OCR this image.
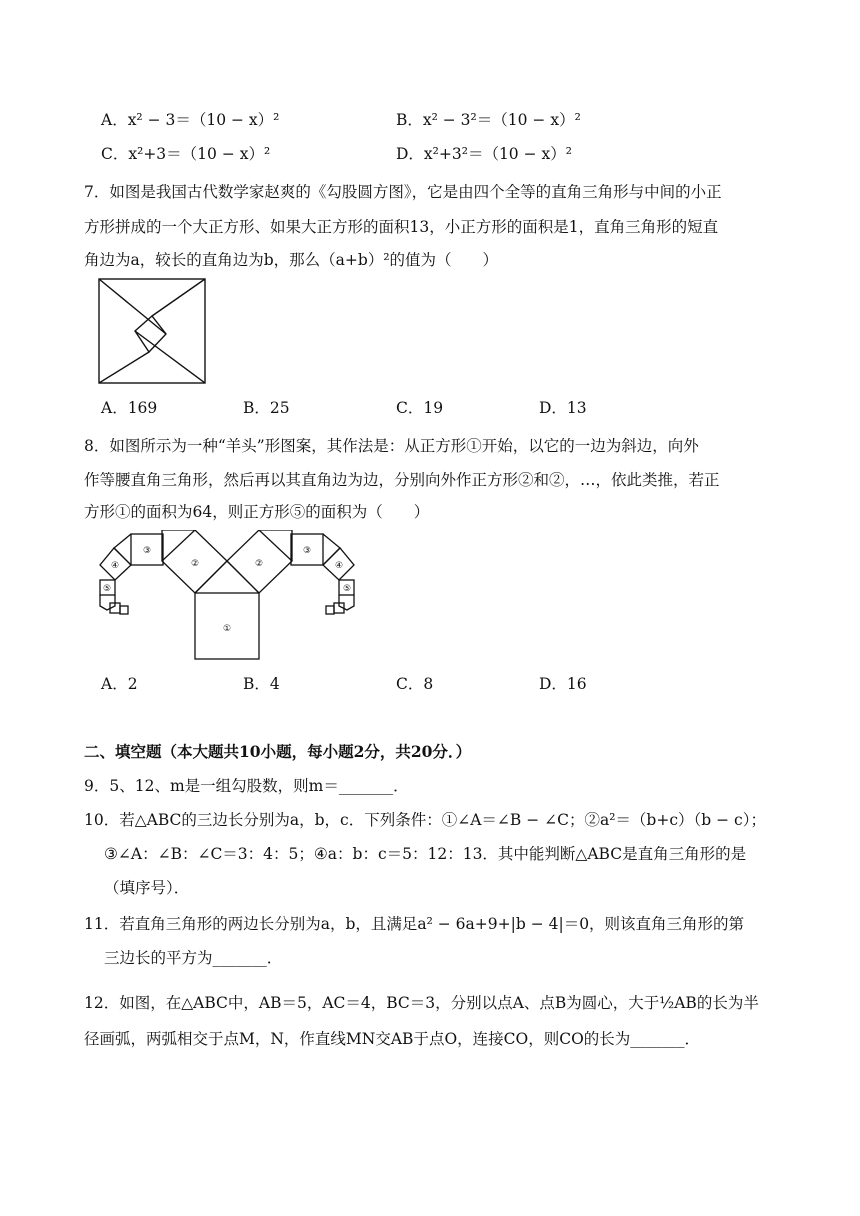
A．x² − 3＝（10 − x）²	B．x² − 3²＝（10 − x）²
C．x²+3＝（10 − x）²	D．x²+3²＝（10 − x）²
7．如图是我国古代数学家赵爽的《勾股圆方图》，它是由四个全等的直角三角形与中间的小正
方形拼成的一个大正方形、如果大正方形的面积13，小正方形的面积是1，直角三角形的短直
角边为a，较长的直角边为b，那么（a+b）²的值为（　　）
A．169	B．25	C．19	D．13
8．如图所示为一种“羊头”形图案，其作法是：从正方形①开始，以它的一边为斜边，向外
作等腰直角三角形，然后再以其直角边为边，分别向外作正方形②和②，…，依此类推，若正
方形①的面积为64，则正方形⑤的面积为（　　）
①
②	②
③	③
④	④
⑤	⑤
A．2	B．4	C．8	D．16
二、填空题（本大题共10小题，每小题2分，共20分．）
9．5、12、m是一组勾股数，则m＝_______．
10．若△ABC的三边长分别为a，b，c．下列条件：①∠A＝∠B − ∠C；②a²＝（b+c）（b − c）；
③∠A：∠B：∠C＝3：4：5；④a：b：c＝5：12：13．其中能判断△ABC是直角三角形的是
（填序号）．
11．若直角三角形的两边长分别为a，b，且满足a² − 6a+9+|b − 4|＝0，则该直角三角形的第
三边长的平方为_______．
12．如图，在△ABC中，AB＝5，AC＝4，BC＝3，分别以点A、点B为圆心，大于½AB的长为半
径画弧，两弧相交于点M，N，作直线MN交AB于点O，连接CO，则CO的长为_______．
